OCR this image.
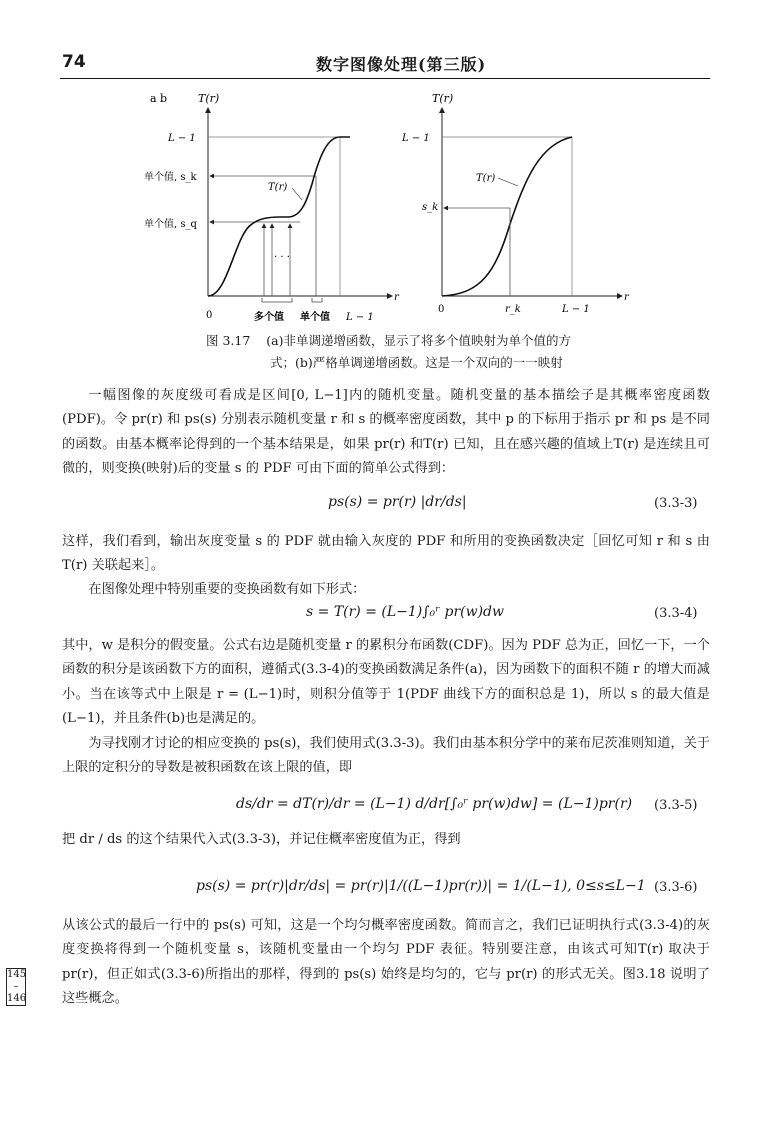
74	数字图像处理(第三版)
a b	T(r)
L − 1
单个值, s_k
单个值, s_q
T(r)
· · ·
0	多个值 单个值 L − 1
r
T(r)
L − 1
T(r)
s_k
0	r_k	L − 1
r
图 3.17 (a)非单调递增函数，显示了将多个值映射为单个值的方
式；(b)严格单调递增函数。这是一个双向的一一映射
一幅图像的灰度级可看成是区间[0, L−1]内的随机变量。随机变量的基本描绘子是其概率密度函数(PDF)。令 pr(r) 和 ps(s) 分别表示随机变量 r 和 s 的概率密度函数，其中 p 的下标用于指示 pr 和 ps 是不同的函数。由基本概率论得到的一个基本结果是，如果 pr(r) 和T(r) 已知，且在感兴趣的值域上T(r) 是连续且可微的，则变换(映射)后的变量 s 的 PDF 可由下面的简单公式得到：
ps(s) = pr(r) |dr/ds|	(3.3-3)
这样，我们看到，输出灰度变量 s 的 PDF 就由输入灰度的 PDF 和所用的变换函数决定［回忆可知 r 和 s 由T(r) 关联起来］。
在图像处理中特别重要的变换函数有如下形式：
s = T(r) = (L−1)∫₀ʳ pr(w)dw	(3.3-4)
其中，w 是积分的假变量。公式右边是随机变量 r 的累积分布函数(CDF)。因为 PDF 总为正，回忆一下，一个函数的积分是该函数下方的面积，遵循式(3.3-4)的变换函数满足条件(a)，因为函数下的面积不随 r 的增大而减小。当在该等式中上限是 r = (L−1)时，则积分值等于 1(PDF 曲线下方的面积总是 1)，所以 s 的最大值是(L−1)，并且条件(b)也是满足的。
为寻找刚才讨论的相应变换的 ps(s)，我们使用式(3.3-3)。我们由基本积分学中的莱布尼茨准则知道，关于上限的定积分的导数是被积函数在该上限的值，即
ds/dr = dT(r)/dr = (L−1) d/dr[∫₀ʳ pr(w)dw] = (L−1)pr(r) (3.3-5)
把 dr / ds 的这个结果代入式(3.3-3)，并记住概率密度值为正，得到
ps(s) = pr(r)|dr/ds| = pr(r)|1/((L−1)pr(r))| = 1/(L−1), 0≤s≤L−1 (3.3-6)
从该公式的最后一行中的 ps(s) 可知，这是一个均匀概率密度函数。简而言之，我们已证明执行式(3.3-4)的灰度变换将得到一个随机变量 s，该随机变量由一个均匀 PDF 表征。特别要注意，由该式可知T(r) 取决于 pr(r)，但正如式(3.3-6)所指出的那样，得到的 ps(s) 始终是均匀的，它与 pr(r) 的形式无关。图3.18 说明了这些概念。
145
–
146
